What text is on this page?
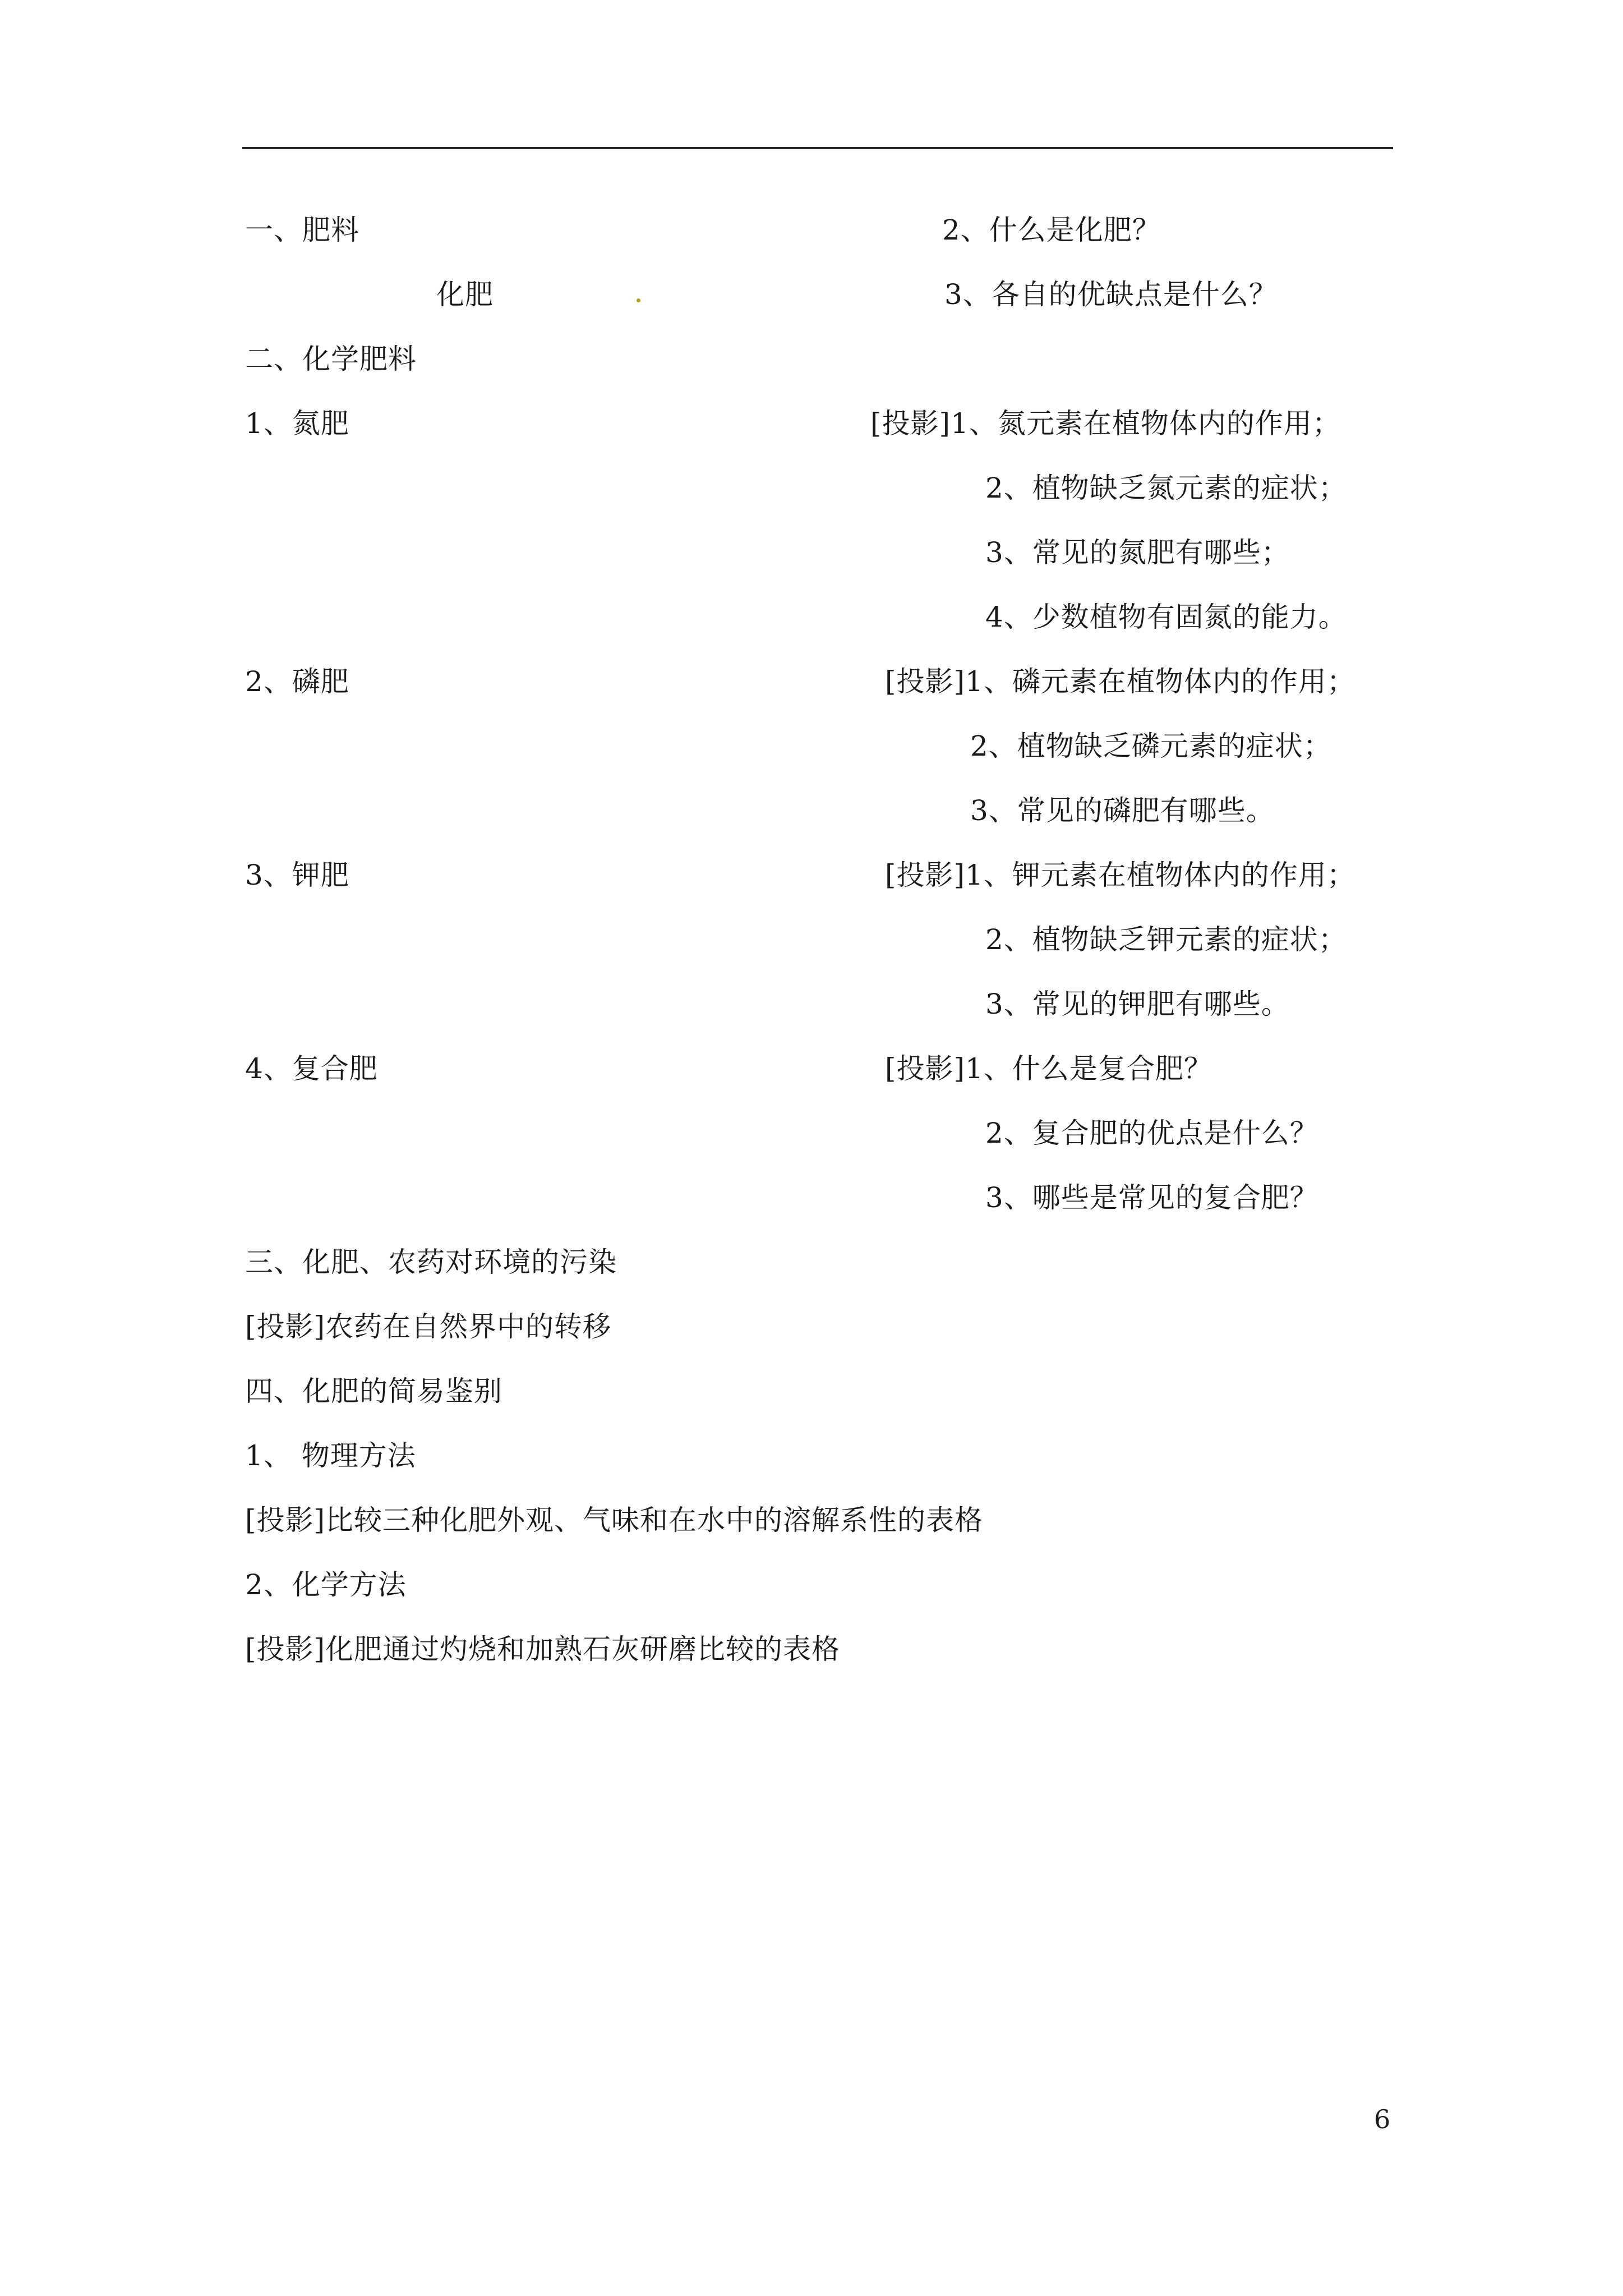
一、肥料	2、什么是化肥？
化肥	3、各自的优缺点是什么？
二、化学肥料
1、氮肥	[投影]1、氮元素在植物体内的作用；
2、植物缺乏氮元素的症状；
3、常见的氮肥有哪些；
4、少数植物有固氮的能力。
2、磷肥	[投影]1、磷元素在植物体内的作用；
2、植物缺乏磷元素的症状；
3、常见的磷肥有哪些。
3、钾肥	[投影]1、钾元素在植物体内的作用；
2、植物缺乏钾元素的症状；
3、常见的钾肥有哪些。
4、复合肥	[投影]1、什么是复合肥？
2、复合肥的优点是什么？
3、哪些是常见的复合肥？
三、化肥、农药对环境的污染
[投影]农药在自然界中的转移
四、化肥的简易鉴别
1、 物理方法
[投影]比较三种化肥外观、气味和在水中的溶解系性的表格
2、化学方法
[投影]化肥通过灼烧和加熟石灰研磨比较的表格
6
